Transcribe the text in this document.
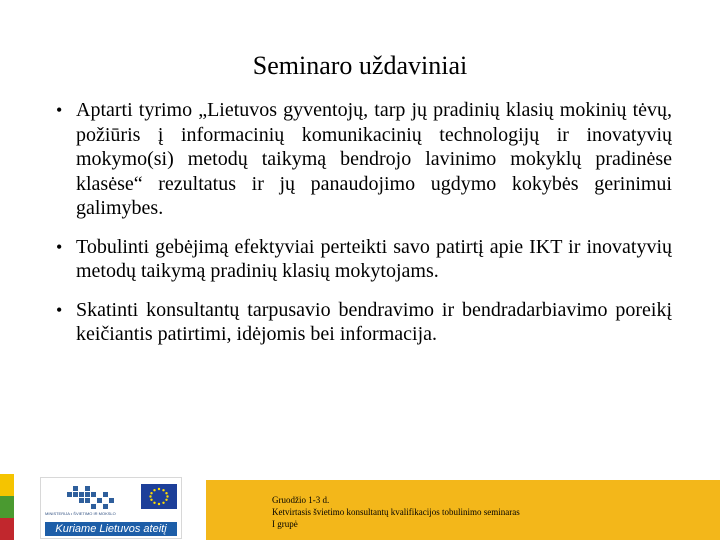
Seminaro uždaviniai
• Aptarti tyrimo „Lietuvos gyventojų, tarp jų pradinių klasių mokinių tėvų, požiūris į informacinių komunikacinių technologijų ir inovatyvių mokymo(si) metodų taikymą bendrojo lavinimo mokyklų pradinėse klasėse“ rezultatus ir jų panaudojimo ugdymo kokybės gerinimui galimybes.
• Tobulinti gebėjimą efektyviai perteikti savo patirtį apie IKT ir inovatyvių metodų taikymą pradinių klasių mokytojams.
• Skatinti konsultantų tarpusavio bendravimo ir bendradarbiavimo poreikį keičiantis patirtimi, idėjomis bei informacija.
MINISTERIJA • ŠVIETIMO IR MOKSLO
Kuriame Lietuvos ateitį
Gruodžio 1-3 d.
Ketvirtasis švietimo konsultantų kvalifikacijos tobulinimo seminaras
I grupė
